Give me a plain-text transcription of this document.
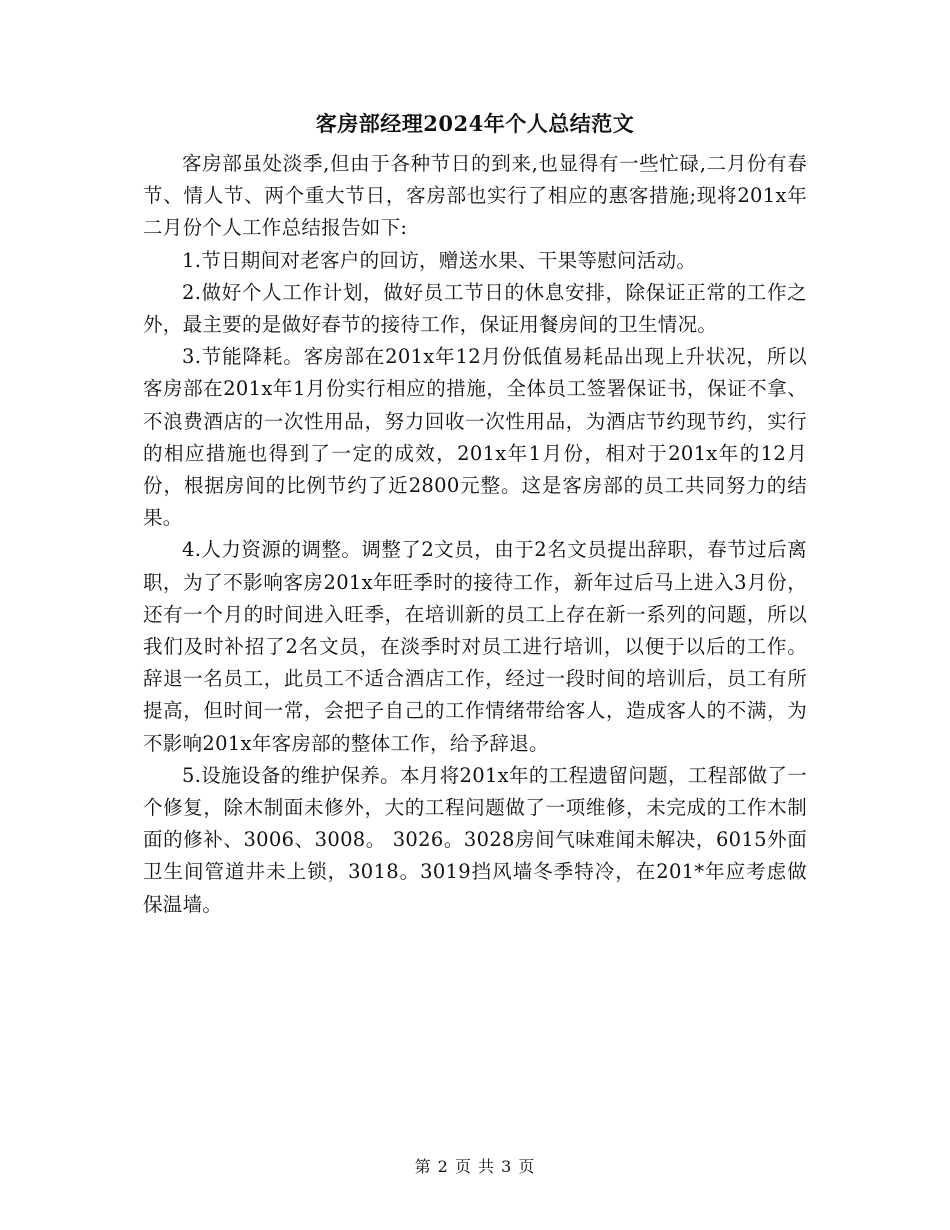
客房部经理2024年个人总结范文

客房部虽处淡季,但由于各种节日的到来,也显得有一些忙碌,二月份有春节、情人节、两个重大节日，客房部也实行了相应的惠客措施;现将201x年二月份个人工作总结报告如下:

1.节日期间对老客户的回访，赠送水果、干果等慰问活动。

2.做好个人工作计划，做好员工节日的休息安排，除保证正常的工作之外，最主要的是做好春节的接待工作，保证用餐房间的卫生情况。

3.节能降耗。客房部在201x年12月份低值易耗品出现上升状况，所以客房部在201x年1月份实行相应的措施，全体员工签署保证书，保证不拿、不浪费酒店的一次性用品，努力回收一次性用品，为酒店节约现节约，实行的相应措施也得到了一定的成效，201x年1月份，相对于201x年的12月份，根据房间的比例节约了近2800元整。这是客房部的员工共同努力的结果。

4.人力资源的调整。调整了2文员，由于2名文员提出辞职，春节过后离职，为了不影响客房201x年旺季时的接待工作，新年过后马上进入3月份，还有一个月的时间进入旺季，在培训新的员工上存在新一系列的问题，所以我们及时补招了2名文员，在淡季时对员工进行培训，以便于以后的工作。辞退一名员工，此员工不适合酒店工作，经过一段时间的培训后，员工有所提高，但时间一常，会把子自己的工作情绪带给客人，造成客人的不满，为不影响201x年客房部的整体工作，给予辞退。

5.设施设备的维护保养。本月将201x年的工程遗留问题，工程部做了一个修复，除木制面未修外，大的工程问题做了一项维修，未完成的工作木制面的修补、3006、3008。 3026。3028房间气味难闻未解决，6015外面卫生间管道井未上锁，3018。3019挡风墙冬季特冷，在201*年应考虑做保温墙。

第 2 页 共 3 页
